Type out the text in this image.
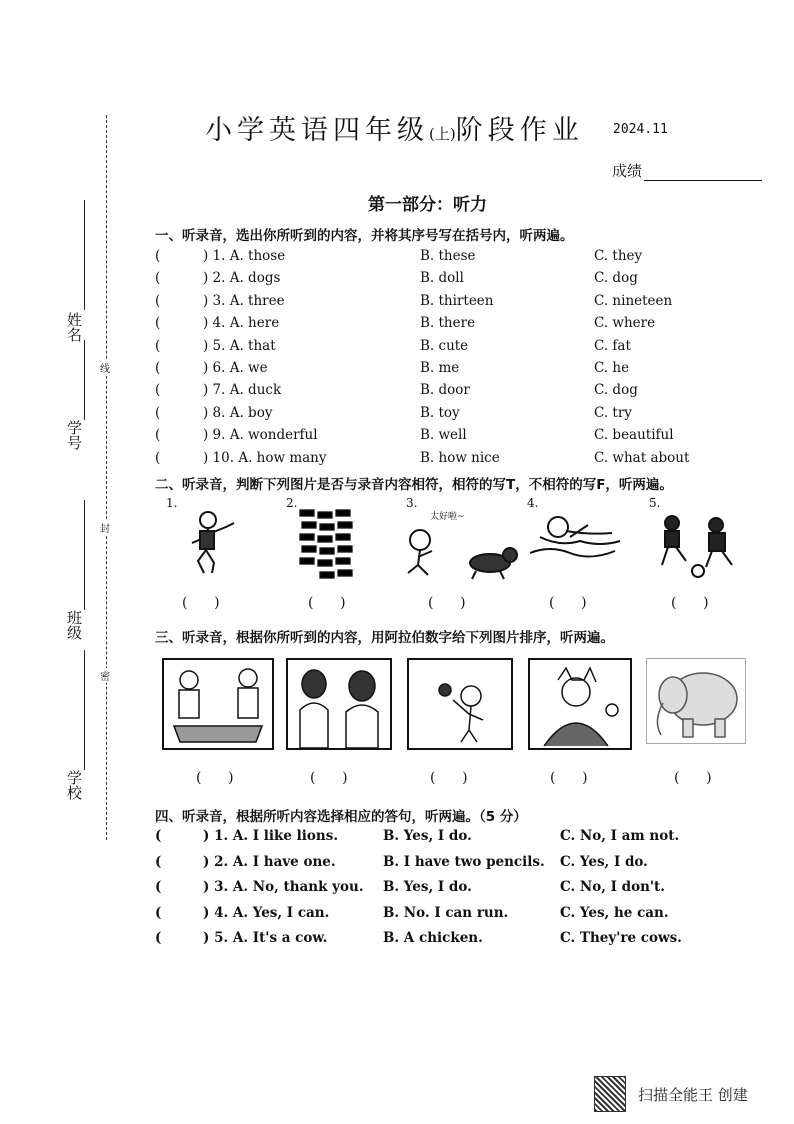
姓名
学号
班级
学校
线
封
密
小学英语四年级(上)阶段作业 2024.11
成绩
第一部分：听力
一、听录音，选出你所听到的内容，并将其序号写在括号内，听两遍。
(	) 1. A. those	B. these	C. they
(	) 2. A. dogs	B. doll	C. dog
(	) 3. A. three	B. thirteen	C. nineteen
(	) 4. A. here	B. there	C. where
(	) 5. A. that	B. cute	C. fat
(	) 6. A. we	B. me	C. he
(	) 7. A. duck	B. door	C. dog
(	) 8. A. boy	B. toy	C. try
(	) 9. A. wonderful	B. well	C. beautiful
(	) 10. A. how many	B. how nice	C. what about
二、听录音，判断下列图片是否与录音内容相符，相符的写T，不相符的写F，听两遍。
1.	2.	3.	4.	5.
太好啦~
(      )	(      )	(      )	(      )	(      )
三、听录音，根据你所听到的内容，用阿拉伯数字给下列图片排序，听两遍。
(      )	(      )	(      )	(      )	(      )
四、听录音，根据所听内容选择相应的答句，听两遍。（5 分）
(	) 1. A. I like lions.	B. Yes, I do.	C. No, I am not.
(	) 2. A. I have one.	B. I have two pencils. C. Yes, I do.
(	) 3. A. No, thank you. B. Yes, I do.	C. No, I don't.
(	) 4. A. Yes, I can.	B. No. I can run.	C. Yes, he can.
(	) 5. A. It's a cow.	B. A chicken.	C. They're cows.
扫描全能王 创建
